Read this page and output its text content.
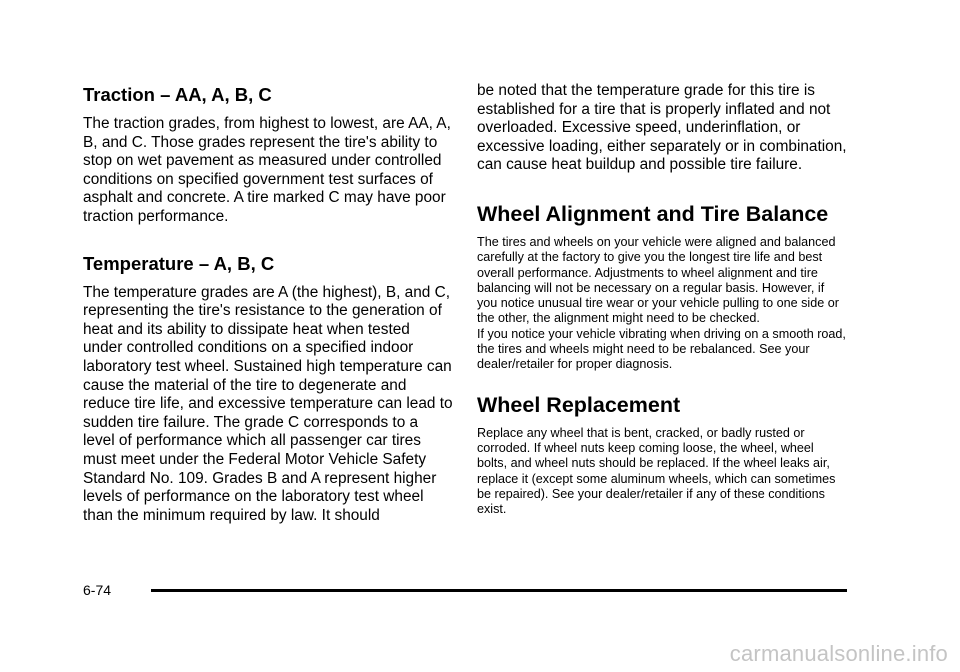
Traction – AA, A, B, C

The traction grades, from highest to lowest, are AA, A, B, and C. Those grades represent the tire's ability to stop on wet pavement as measured under controlled conditions on specified government test surfaces of asphalt and concrete. A tire marked C may have poor traction performance.

Temperature – A, B, C

The temperature grades are A (the highest), B, and C, representing the tire's resistance to the generation of heat and its ability to dissipate heat when tested under controlled conditions on a specified indoor laboratory test wheel. Sustained high temperature can cause the material of the tire to degenerate and reduce tire life, and excessive temperature can lead to sudden tire failure. The grade C corresponds to a level of performance which all passenger car tires must meet under the Federal Motor Vehicle Safety Standard No. 109. Grades B and A represent higher levels of performance on the laboratory test wheel than the minimum required by law. It should

be noted that the temperature grade for this tire is established for a tire that is properly inflated and not overloaded. Excessive speed, underinflation, or excessive loading, either separately or in combination, can cause heat buildup and possible tire failure.

Wheel Alignment and Tire Balance

The tires and wheels on your vehicle were aligned and balanced carefully at the factory to give you the longest tire life and best overall performance. Adjustments to wheel alignment and tire balancing will not be necessary on a regular basis. However, if you notice unusual tire wear or your vehicle pulling to one side or the other, the alignment might need to be checked.

If you notice your vehicle vibrating when driving on a smooth road, the tires and wheels might need to be rebalanced. See your dealer/retailer for proper diagnosis.

Wheel Replacement

Replace any wheel that is bent, cracked, or badly rusted or corroded. If wheel nuts keep coming loose, the wheel, wheel bolts, and wheel nuts should be replaced. If the wheel leaks air, replace it (except some aluminum wheels, which can sometimes be repaired). See your dealer/retailer if any of these conditions exist.

6-74
carmanualsonline.info
